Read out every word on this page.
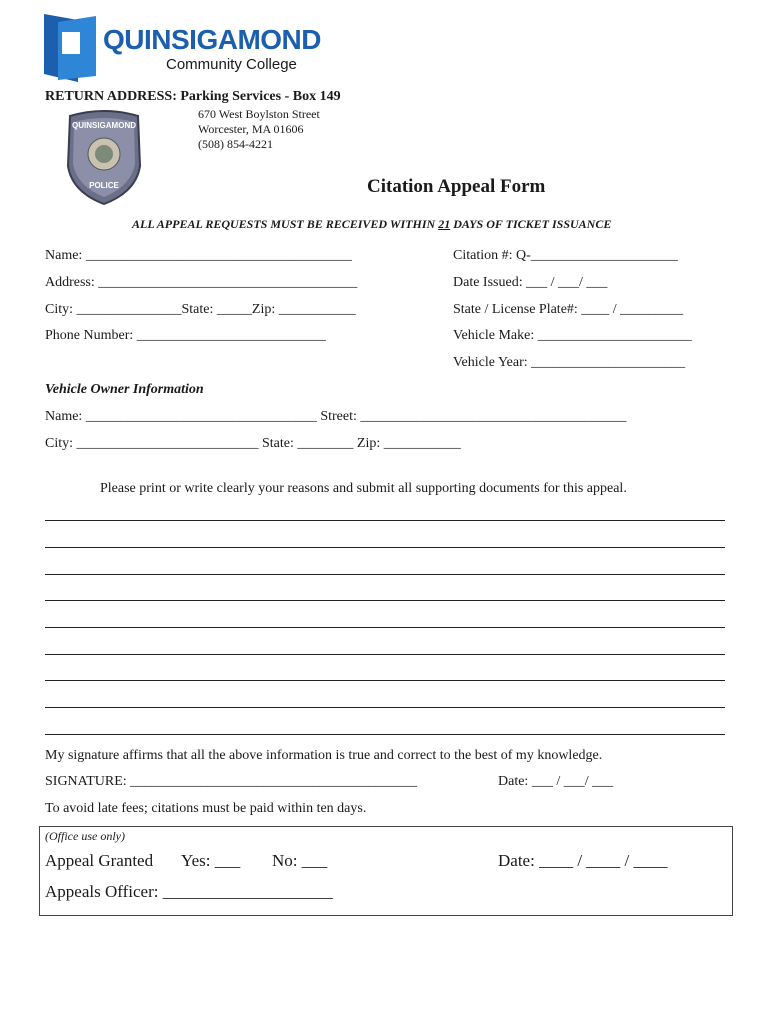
QUINSIGAMOND
Community College
RETURN ADDRESS: Parking Services - Box 149
670 West Boylston Street
Worcester, MA 01606
(508) 854-4221
QUINSIGAMOND
POLICE	Citation Appeal Form
ALL APPEAL REQUESTS MUST BE RECEIVED WITHIN 21 DAYS OF TICKET ISSUANCE
Name: ______________________________________
Address: _____________________________________
City: _______________State: _____Zip: ___________
Phone Number: ___________________________
Citation #: Q-_____________________
Date Issued: ___ / ___/ ___
State / License Plate#: ____ / _________
Vehicle Make: ______________________
Vehicle Year: ______________________
Vehicle Owner Information
Name: _________________________________ Street: ______________________________________
City: __________________________ State: ________ Zip: ___________
Please print or write clearly your reasons and submit all supporting documents for this appeal.
My signature affirms that all the above information is true and correct to the best of my knowledge.
SIGNATURE: _________________________________________	Date: ___ / ___/ ___
To avoid late fees; citations must be paid within ten days.
(Office use only)
Appeal Granted Yes: ___ No: ___	Date: ____ / ____ / ____
Appeals Officer: ____________________
